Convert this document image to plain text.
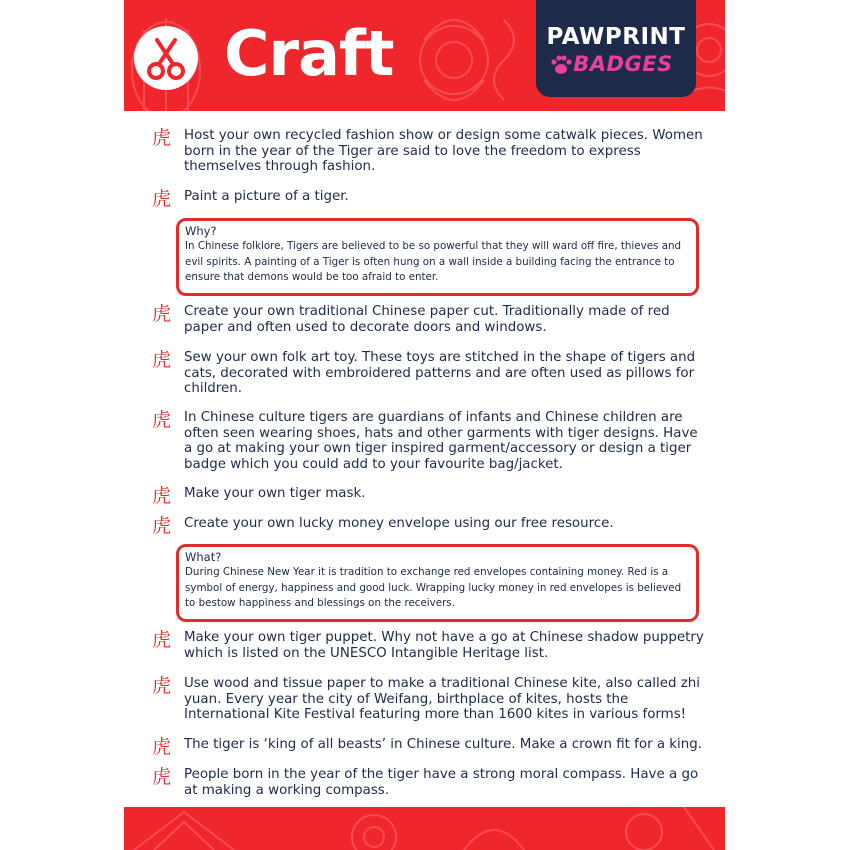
Craft	PAWPRINT
BADGES
虎 Host your own recycled fashion show or design some catwalk pieces. Women born in the year of the Tiger are said to love the freedom to express themselves through fashion.
虎 Paint a picture of a tiger.
Why?
In Chinese folklore, Tigers are believed to be so powerful that they will ward off fire, thieves and evil spirits. A painting of a Tiger is often hung on a wall inside a building facing the entrance to ensure that demons would be too afraid to enter.
虎 Create your own traditional Chinese paper cut. Traditionally made of red paper and often used to decorate doors and windows.
虎 Sew your own folk art toy. These toys are stitched in the shape of tigers and cats, decorated with embroidered patterns and are often used as pillows for children.
虎 In Chinese culture tigers are guardians of infants and Chinese children are often seen wearing shoes, hats and other garments with tiger designs. Have a go at making your own tiger inspired garment/accessory or design a tiger badge which you could add to your favourite bag/jacket.
虎 Make your own tiger mask.
虎 Create your own lucky money envelope using our free resource.
What?
During Chinese New Year it is tradition to exchange red envelopes containing money. Red is a symbol of energy, happiness and good luck. Wrapping lucky money in red envelopes is believed to bestow happiness and blessings on the receivers.
虎 Make your own tiger puppet. Why not have a go at Chinese shadow puppetry which is listed on the UNESCO Intangible Heritage list.
虎 Use wood and tissue paper to make a traditional Chinese kite, also called zhi yuan. Every year the city of Weifang, birthplace of kites, hosts the International Kite Festival featuring more than 1600 kites in various forms!
虎 The tiger is ‘king of all beasts’ in Chinese culture. Make a crown fit for a king.
虎 People born in the year of the tiger have a strong moral compass. Have a go at making a working compass.
